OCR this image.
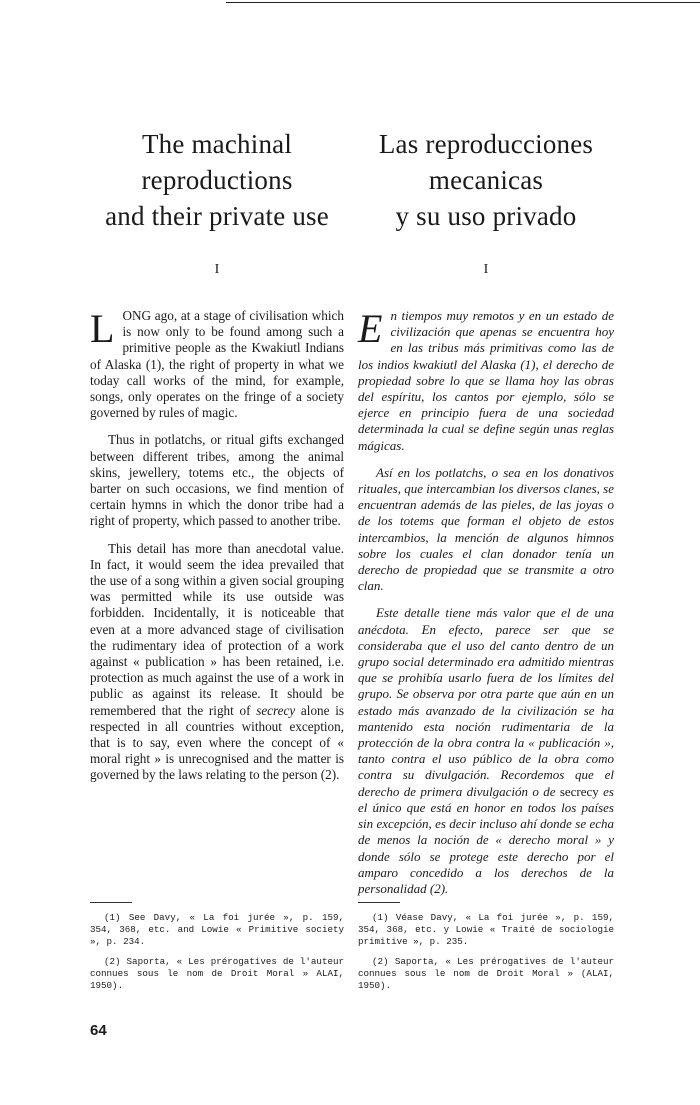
The machinal
reproductions
and their private use
I

LONG ago, at a stage of civilisation which is now only to be found among such a primitive people as the Kwakiutl Indians of Alaska (1), the right of property in what we today call works of the mind, for example, songs, only operates on the fringe of a society governed by rules of magic.

Thus in potlatchs, or ritual gifts exchanged between different tribes, among the animal skins, jewellery, totems etc., the objects of barter on such occasions, we find mention of certain hymns in which the donor tribe had a right of property, which passed to another tribe.

This detail has more than anecdotal value. In fact, it would seem the idea prevailed that the use of a song within a given social grouping was permitted while its use outside was forbidden. Incidentally, it is noticeable that even at a more advanced stage of civilisation the rudimentary idea of protection of a work against « publication » has been retained, i.e. protection as much against the use of a work in public as against its release. It should be remembered that the right of secrecy alone is respected in all countries without exception, that is to say, even where the concept of « moral right » is unrecognised and the matter is governed by the laws relating to the person (2).

(1) See Davy, « La foi jurée », p. 159, 354, 368, etc. and Lowie « Primitive society », p. 234.

(2) Saporta, « Les prérogatives de l'auteur connues sous le nom de Droit Moral » ALAI, 1950).

Las reproducciones
mecanicas
y su uso privado
I

En tiempos muy remotos y en un estado de civilización que apenas se encuentra hoy en las tribus más primitivas como las de los indios kwakiutl del Alaska (1), el derecho de propiedad sobre lo que se llama hoy las obras del espíritu, los cantos por ejemplo, sólo se ejerce en principio fuera de una sociedad determinada la cual se define según unas reglas mágicas.

Así en los potlatchs, o sea en los donativos rituales, que intercambian los diversos clanes, se encuentran además de las pieles, de las joyas o de los totems que forman el objeto de estos intercambios, la mención de algunos himnos sobre los cuales el clan donador tenía un derecho de propiedad que se transmite a otro clan.

Este detalle tiene más valor que el de una anécdota. En efecto, parece ser que se consideraba que el uso del canto dentro de un grupo social determinado era admitido mientras que se prohibía usarlo fuera de los límites del grupo. Se observa por otra parte que aún en un estado más avanzado de la civilización se ha mantenido esta noción rudimentaria de la protección de la obra contra la « publicación », tanto contra el uso público de la obra como contra su divulgación. Recordemos que el derecho de primera divulgación o de secrecy es el único que está en honor en todos los países sin excepción, es decir incluso ahí donde se echa de menos la noción de « derecho moral » y donde sólo se protege este derecho por el amparo concedido a los derechos de la personalidad (2).

(1) Véase Davy, « La foi jurée », p. 159, 354, 368, etc. y Lowie « Traité de sociologie primitive », p. 235.

(2) Saporta, « Les prérogatives de l'auteur connues sous le nom de Droit Moral » (ALAI, 1950).

64
